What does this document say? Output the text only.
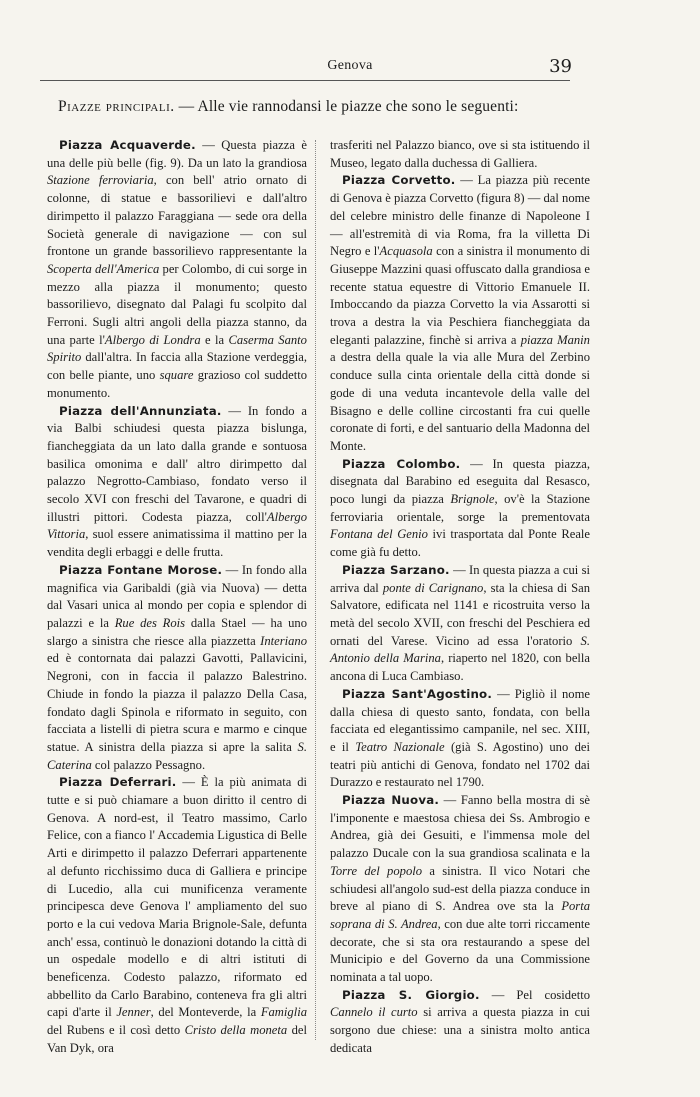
Genova	39
Piazze principali. — Alle vie rannodansi le piazze che sono le seguenti:

Piazza Acquaverde. — Questa piazza è una delle più belle (fig. 9). Da un lato la grandiosa Stazione ferroviaria, con bell' atrio ornato di colonne, di statue e bassorilievi e dall'altro dirimpetto il palazzo Faraggiana — sede ora della Società generale di navigazione — con sul frontone un grande bassorilievo rappresentante la Scoperta dell'America per Colombo, di cui sorge in mezzo alla piazza il monumento; questo bassorilievo, disegnato dal Palagi fu scolpito dal Ferroni. Sugli altri angoli della piazza stanno, da una parte l'Albergo di Londra e la Caserma Santo Spirito dall'altra. In faccia alla Stazione verdeggia, con belle piante, uno square grazioso col suddetto monumento.

Piazza dell'Annunziata. — In fondo a via Balbi schiudesi questa piazza bislunga, fiancheggiata da un lato dalla grande e sontuosa basilica omonima e dall' altro dirimpetto dal palazzo Negrotto-Cambiaso, fondato verso il secolo XVI con freschi del Tavarone, e quadri di illustri pittori. Codesta piazza, coll'Albergo Vittoria, suol essere animatissima il mattino per la vendita degli erbaggi e delle frutta.

Piazza Fontane Morose. — In fondo alla magnifica via Garibaldi (già via Nuova) — detta dal Vasari unica al mondo per copia e splendor di palazzi e la Rue des Rois dalla Stael — ha uno slargo a sinistra che riesce alla piazzetta Interiano ed è contornata dai palazzi Gavotti, Pallavicini, Negroni, con in faccia il palazzo Balestrino. Chiude in fondo la piazza il palazzo Della Casa, fondato dagli Spinola e riformato in seguito, con facciata a listelli di pietra scura e marmo e cinque statue. A sinistra della piazza si apre la salita S. Caterina col palazzo Pessagno.

Piazza Deferrari. — È la più animata di tutte e si può chiamare a buon diritto il centro di Genova. A nord-est, il Teatro massimo, Carlo Felice, con a fianco l' Accademia Ligustica di Belle Arti e dirimpetto il palazzo Deferrari appartenente al defunto ricchissimo duca di Galliera e principe di Lucedio, alla cui munificenza veramente principesca deve Genova l' ampliamento del suo porto e la cui vedova Maria Brignole-Sale, defunta anch' essa, continuò le donazioni dotando la città di un ospedale modello e di altri istituti di beneficenza. Codesto palazzo, riformato ed abbellito da Carlo Barabino, conteneva fra gli altri capi d'arte il Jenner, del Monteverde, la Famiglia del Rubens e il così detto Cristo della moneta del Van Dyk, ora

trasferiti nel Palazzo bianco, ove si sta istituendo il Museo, legato dalla duchessa di Galliera.

Piazza Corvetto. — La piazza più recente di Genova è piazza Corvetto (figura 8) — dal nome del celebre ministro delle finanze di Napoleone I — all'estremità di via Roma, fra la villetta Di Negro e l'Acquasola con a sinistra il monumento di Giuseppe Mazzini quasi offuscato dalla grandiosa e recente statua equestre di Vittorio Emanuele II. Imboccando da piazza Corvetto la via Assarotti si trova a destra la via Peschiera fiancheggiata da eleganti palazzine, finchè si arriva a piazza Manin a destra della quale la via alle Mura del Zerbino conduce sulla cinta orientale della città donde si gode di una veduta incantevole della valle del Bisagno e delle colline circostanti fra cui quelle coronate di forti, e del santuario della Madonna del Monte.

Piazza Colombo. — In questa piazza, disegnata dal Barabino ed eseguita dal Resasco, poco lungi da piazza Brignole, ov'è la Stazione ferroviaria orientale, sorge la prementovata Fontana del Genio ivi trasportata dal Ponte Reale come già fu detto.

Piazza Sarzano. — In questa piazza a cui si arriva dal ponte di Carignano, sta la chiesa di San Salvatore, edificata nel 1141 e ricostruita verso la metà del secolo XVII, con freschi del Peschiera ed ornati del Varese. Vicino ad essa l'oratorio S. Antonio della Marina, riaperto nel 1820, con bella ancona di Luca Cambiaso.

Piazza Sant'Agostino. — Pigliò il nome dalla chiesa di questo santo, fondata, con bella facciata ed elegantissimo campanile, nel sec. XIII, e il Teatro Nazionale (già S. Agostino) uno dei teatri più antichi di Genova, fondato nel 1702 dai Durazzo e restaurato nel 1790.

Piazza Nuova. — Fanno bella mostra di sè l'imponente e maestosa chiesa dei Ss. Ambrogio e Andrea, già dei Gesuiti, e l'immensa mole del palazzo Ducale con la sua grandiosa scalinata e la Torre del popolo a sinistra. Il vico Notari che schiudesi all'angolo sud-est della piazza conduce in breve al piano di S. Andrea ove sta la Porta soprana di S. Andrea, con due alte torri riccamente decorate, che si sta ora restaurando a spese del Municipio e del Governo da una Commissione nominata a tal uopo.

Piazza S. Giorgio. — Pel cosidetto Cannelo il curto si arriva a questa piazza in cui sorgono due chiese: una a sinistra molto antica dedicata
